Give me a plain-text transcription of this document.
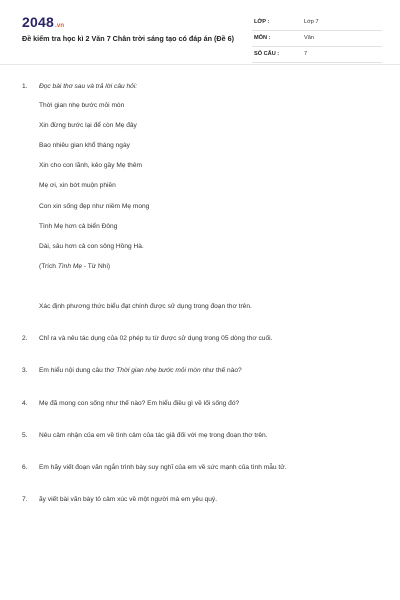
2048.vn
Đề kiểm tra học kì 2 Văn 7 Chân trời sáng tạo có đáp án (Đề 6)
LỚP :	Lớp 7
MÔN :	Văn
SỐ CÂU :	7
1.	Đọc bài thơ sau và trả lời câu hỏi:
Thời gian nhẹ bước mỏi mòn
Xin đừng bước lại để còn Mẹ đây
Bao nhiêu gian khổ tháng ngày
Xin cho con lãnh, kẻo gầy Mẹ thêm
Mẹ ơi, xin bớt muộn phiền
Con xin sống đẹp như niềm Mẹ mong
Tình Mẹ hơn cả biển Đông
Dài, sâu hơn cả con sông Hồng Hà.
(Trích Tình Mẹ - Từ Nhi)
Xác định phương thức biểu đạt chính được sử dụng trong đoạn thơ trên.
2.	Chỉ ra và nêu tác dụng của 02 phép tu từ được sử dụng trong 05 dòng thơ cuối.
3.	Em hiểu nội dung câu thơ Thời gian nhẹ bước mỏi mòn như thế nào?
4.	Mẹ đã mong con sống như thế nào? Em hiểu điều gì về lối sống đó?
5.	Nêu cảm nhận của em về tình cảm của tác giả đối với mẹ trong đoạn thơ trên.
6.	Em hãy viết đoạn văn ngắn trình bày suy nghĩ của em về sức mạnh của tình mẫu tử.
7.	ãy viết bài văn bày tỏ cảm xúc về một người mà em yêu quý.
